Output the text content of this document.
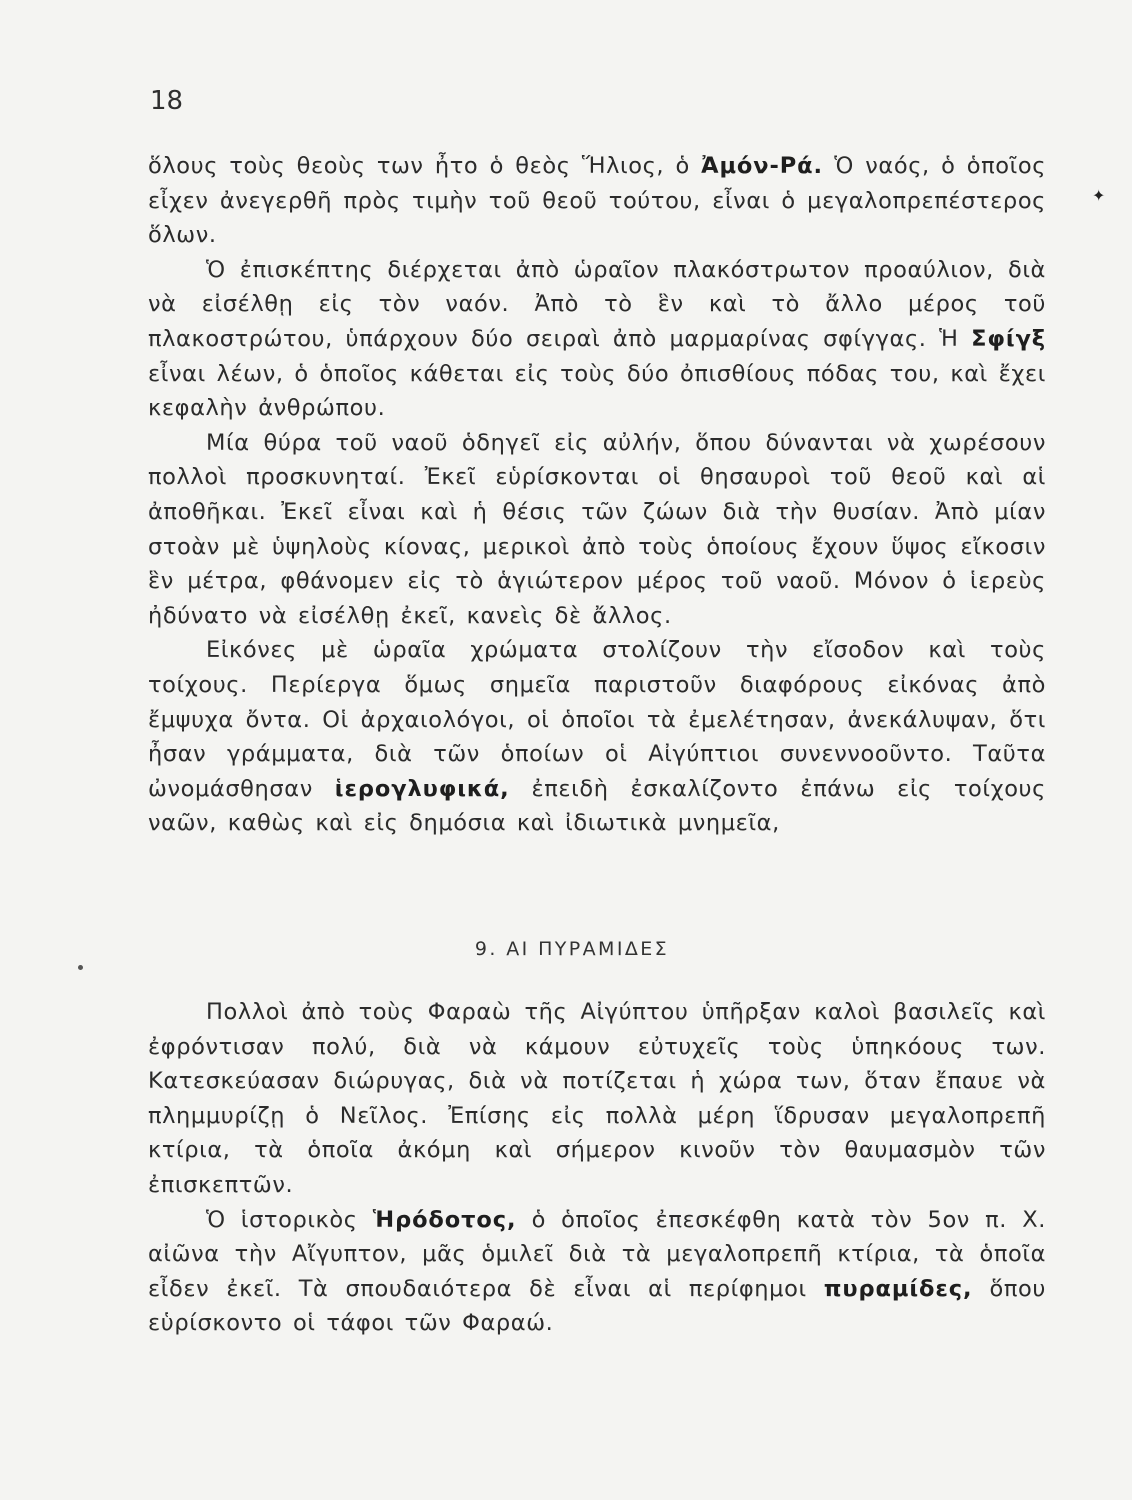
18

ὅλους τοὺς θεοὺς των ἦτο ὁ θεὸς Ἥλιος, ὁ Ἀμόν-Ρά. Ὁ ναός, ὁ ὁποῖος εἶχεν ἀνεγερθῆ πρὸς τιμὴν τοῦ θεοῦ τούτου, εἶναι ὁ μεγαλοπρεπέστερος ὅλων.

Ὁ ἐπισκέπτης διέρχεται ἀπὸ ὡραῖον πλακόστρωτον προαύλιον, διὰ νὰ εἰσέλθῃ εἰς τὸν ναόν. Ἀπὸ τὸ ἓν καὶ τὸ ἄλλο μέρος τοῦ πλακοστρώτου, ὑπάρχουν δύο σειραὶ ἀπὸ μαρμαρίνας σφίγγας. Ἡ Σφίγξ εἶναι λέων, ὁ ὁποῖος κάθεται εἰς τοὺς δύο ὀπισθίους πόδας του, καὶ ἔχει κεφαλὴν ἀνθρώπου.

Μία θύρα τοῦ ναοῦ ὁδηγεῖ εἰς αὐλήν, ὅπου δύνανται νὰ χωρέσουν πολλοὶ προσκυνηταί. Ἐκεῖ εὑρίσκονται οἱ θησαυροὶ τοῦ θεοῦ καὶ αἱ ἀποθῆκαι. Ἐκεῖ εἶναι καὶ ἡ θέσις τῶν ζώων διὰ τὴν θυσίαν. Ἀπὸ μίαν στοὰν μὲ ὑψηλοὺς κίονας, μερικοὶ ἀπὸ τοὺς ὁποίους ἔχουν ὕψος εἴκοσιν ἓν μέτρα, φθάνομεν εἰς τὸ ἁγιώτερον μέρος τοῦ ναοῦ. Μόνον ὁ ἱερεὺς ἠδύνατο νὰ εἰσέλθῃ ἐκεῖ, κανεὶς δὲ ἄλλος.

Εἰκόνες μὲ ὡραῖα χρώματα στολίζουν τὴν εἴσοδον καὶ τοὺς τοίχους. Περίεργα ὅμως σημεῖα παριστοῦν διαφόρους εἰκόνας ἀπὸ ἔμψυχα ὄντα. Οἱ ἀρχαιολόγοι, οἱ ὁποῖοι τὰ ἐμελέτησαν, ἀνεκάλυψαν, ὅτι ἦσαν γράμματα, διὰ τῶν ὁποίων οἱ Αἰγύπτιοι συνεννοοῦντο. Ταῦτα ὠνομάσθησαν ἱερογλυφικά, ἐπειδὴ ἐσκαλίζοντο ἐπάνω εἰς τοίχους ναῶν, καθὼς καὶ εἰς δημόσια καὶ ἰδιωτικὰ μνημεῖα,

9. ΑΙ ΠΥΡΑΜΙΔΕΣ

Πολλοὶ ἀπὸ τοὺς Φαραὼ τῆς Αἰγύπτου ὑπῆρξαν καλοὶ βασιλεῖς καὶ ἐφρόντισαν πολύ, διὰ νὰ κάμουν εὐτυχεῖς τοὺς ὑπηκόους των. Κατεσκεύασαν διώρυγας, διὰ νὰ ποτίζεται ἡ χώρα των, ὅταν ἔπαυε νὰ πλημμυρίζῃ ὁ Νεῖλος. Ἐπίσης εἰς πολλὰ μέρη ἵδρυσαν μεγαλοπρεπῆ κτίρια, τὰ ὁποῖα ἀκόμη καὶ σήμερον κινοῦν τὸν θαυμασμὸν τῶν ἐπισκεπτῶν.

Ὁ ἱστορικὸς Ἡρόδοτος, ὁ ὁποῖος ἐπεσκέφθη κατὰ τὸν 5ον π. Χ. αἰῶνα τὴν Αἴγυπτον, μᾶς ὁμιλεῖ διὰ τὰ μεγαλοπρεπῆ κτίρια, τὰ ὁποῖα εἶδεν ἐκεῖ. Τὰ σπουδαιότερα δὲ εἶναι αἱ περίφημοι πυραμίδες, ὅπου εὑρίσκοντο οἱ τάφοι τῶν Φαραώ.

✦
